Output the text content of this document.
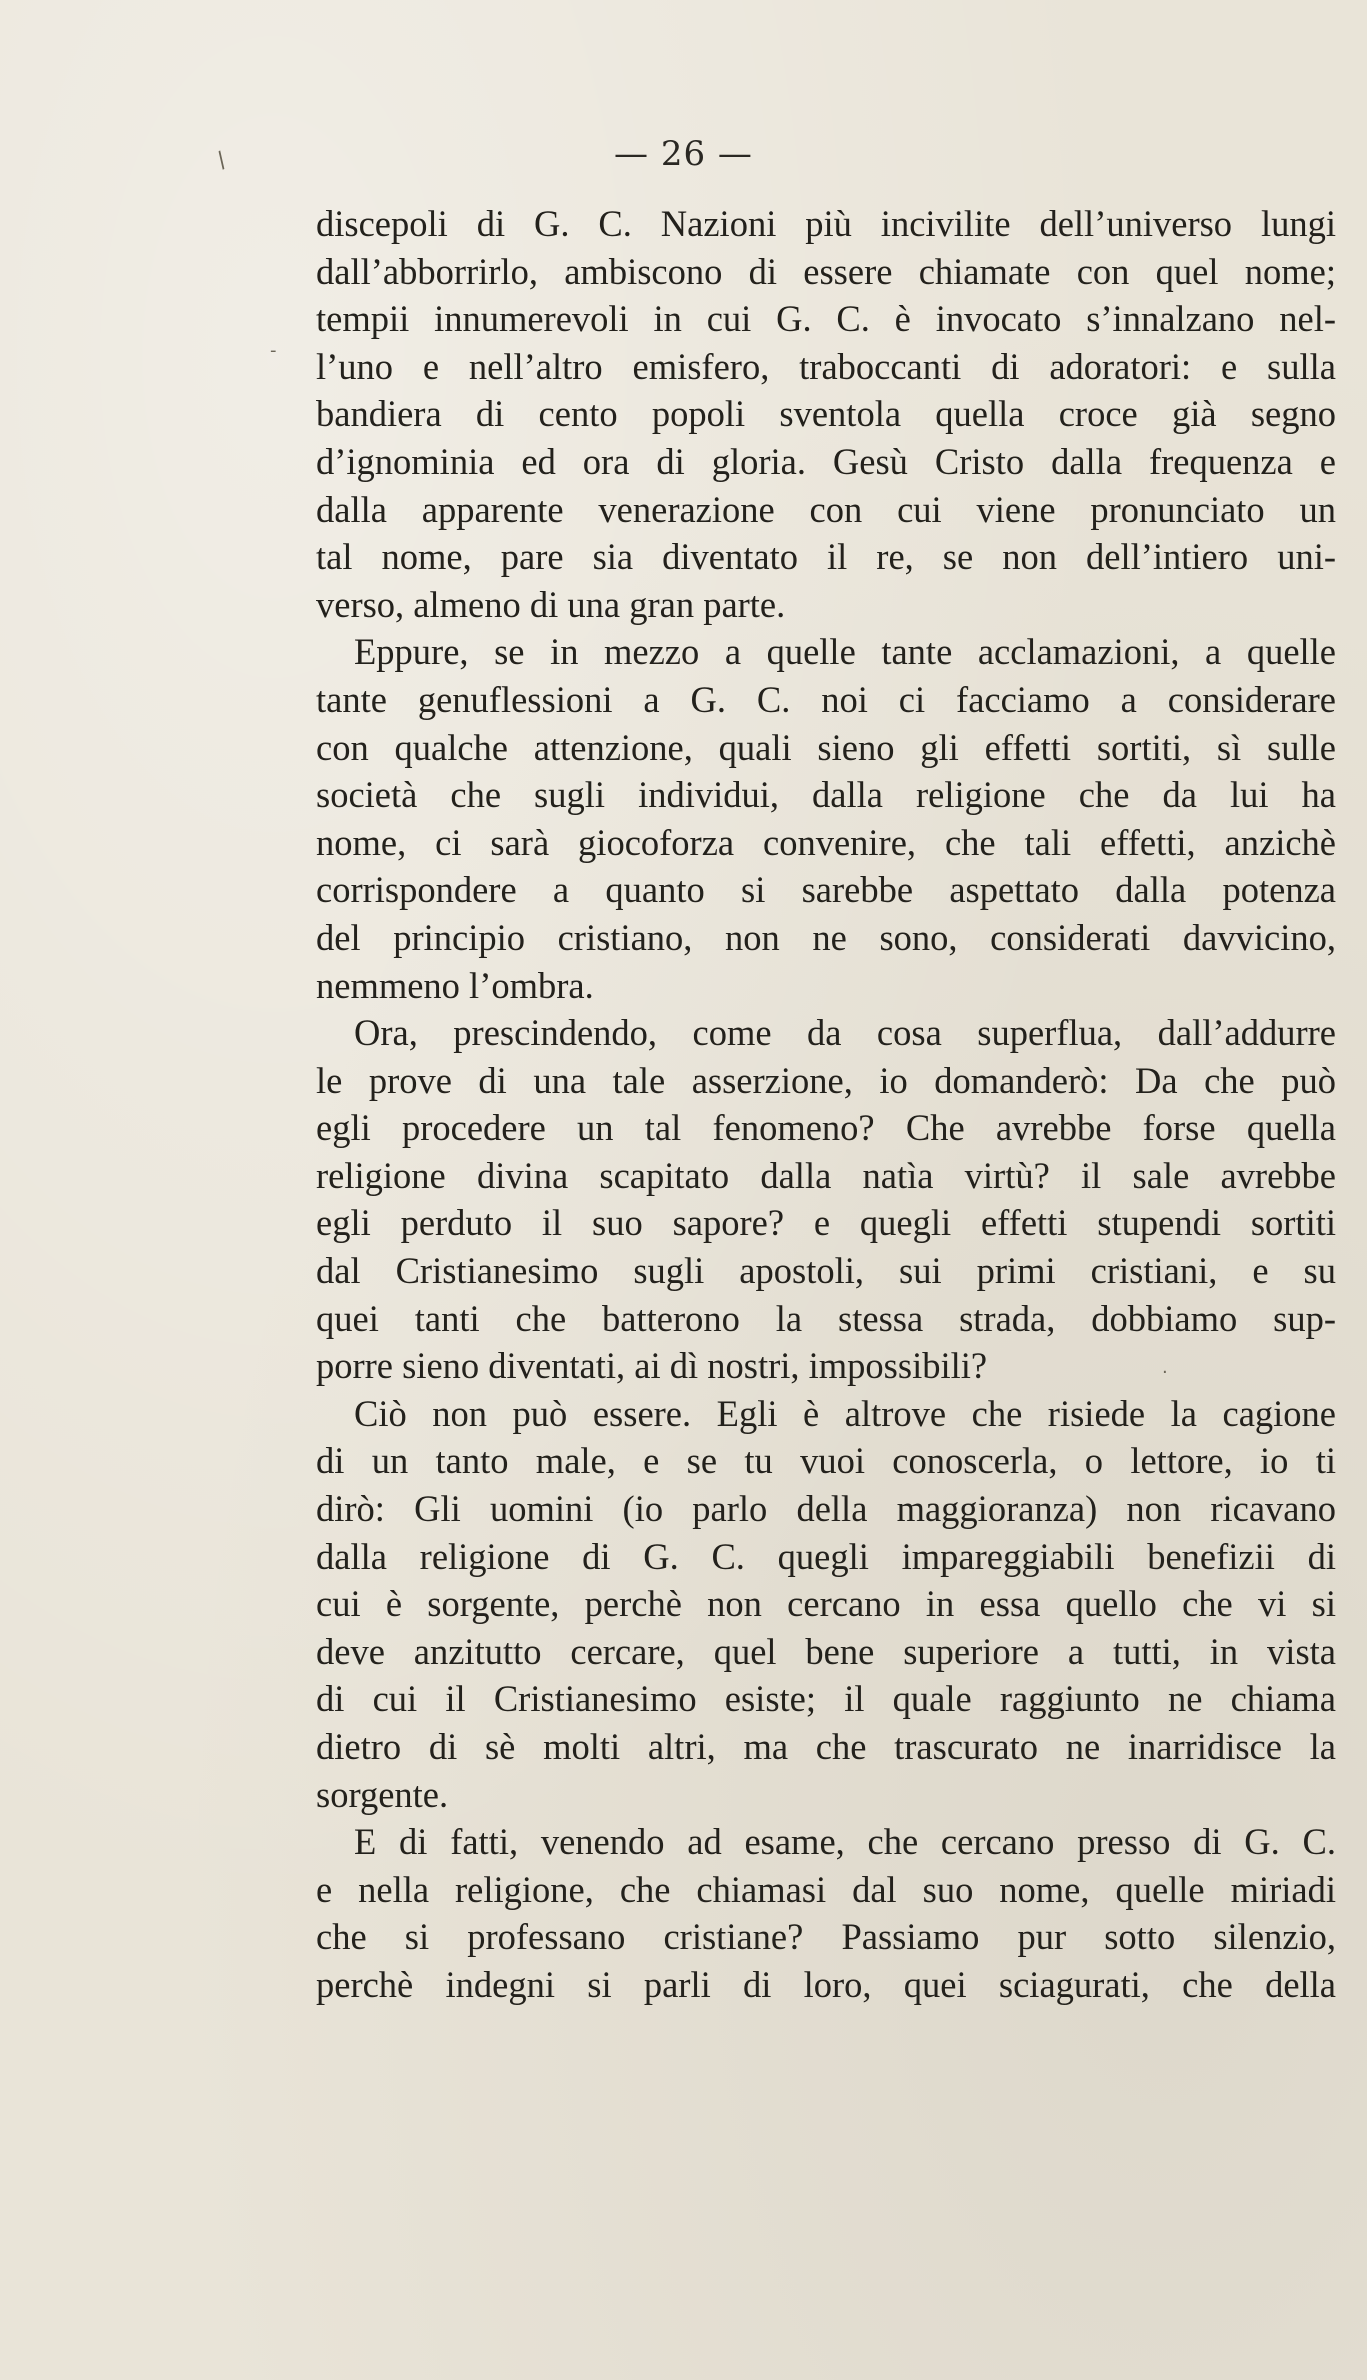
— 26 —
discepoli di G. C. Nazioni più incivilite dell’universo lungi
dall’abborrirlo, ambiscono di essere chiamate con quel nome;
tempii innumerevoli in cui G. C. è invocato s’innalzano nel-
l’uno e nell’altro emisfero, traboccanti di adoratori: e sulla
bandiera di cento popoli sventola quella croce già segno
d’ignominia ed ora di gloria. Gesù Cristo dalla frequenza e
dalla apparente venerazione con cui viene pronunciato un
tal nome, pare sia diventato il re, se non dell’intiero uni-
verso, almeno di una gran parte.
Eppure, se in mezzo a quelle tante acclamazioni, a quelle
tante genuflessioni a G. C. noi ci facciamo a considerare
con qualche attenzione, quali sieno gli effetti sortiti, sì sulle
società che sugli individui, dalla religione che da lui ha
nome, ci sarà giocoforza convenire, che tali effetti, anzichè
corrispondere a quanto si sarebbe aspettato dalla potenza
del principio cristiano, non ne sono, considerati davvicino,
nemmeno l’ombra.
Ora, prescindendo, come da cosa superflua, dall’addurre
le prove di una tale asserzione, io domanderò: Da che può
egli procedere un tal fenomeno? Che avrebbe forse quella
religione divina scapitato dalla natìa virtù? il sale avrebbe
egli perduto il suo sapore? e quegli effetti stupendi sortiti
dal Cristianesimo sugli apostoli, sui primi cristiani, e su
quei tanti che batterono la stessa strada, dobbiamo sup-
porre sieno diventati, ai dì nostri, impossibili?
Ciò non può essere. Egli è altrove che risiede la cagione
di un tanto male, e se tu vuoi conoscerla, o lettore, io ti
dirò: Gli uomini (io parlo della maggioranza) non ricavano
dalla religione di G. C. quegli impareggiabili benefizii di
cui è sorgente, perchè non cercano in essa quello che vi si
deve anzitutto cercare, quel bene superiore a tutti, in vista
di cui il Cristianesimo esiste; il quale raggiunto ne chiama
dietro di sè molti altri, ma che trascurato ne inarridisce la
sorgente.
E di fatti, venendo ad esame, che cercano presso di G. C.
e nella religione, che chiamasi dal suo nome, quelle miriadi
che si professano cristiane? Passiamo pur sotto silenzio,
perchè indegni si parli di loro, quei sciagurati, che della
/
‐
·
